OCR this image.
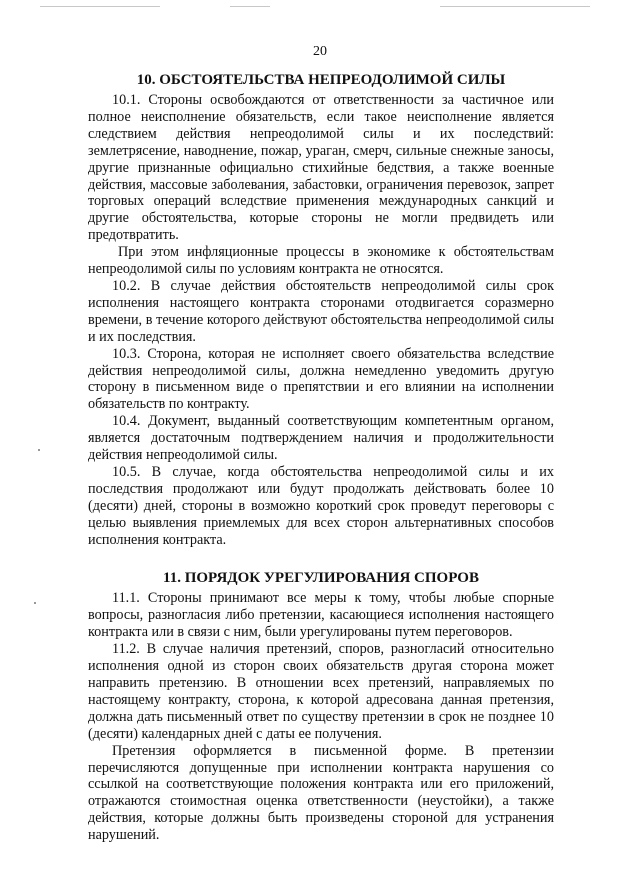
20
10. ОБСТОЯТЕЛЬСТВА НЕПРЕОДОЛИМОЙ СИЛЫ

10.1. Стороны освобождаются от ответственности за частичное или полное неисполнение обязательств, если такое неисполнение является следствием действия непреодолимой силы и их последствий: землетрясение, наводнение, пожар, ураган, смерч, сильные снежные заносы, другие признанные официально стихийные бедствия, а также военные действия, массовые заболевания, забастовки, ограничения перевозок, запрет торговых операций вследствие применения международных санкций и другие обстоятельства, которые стороны не могли предвидеть или предотвратить.

При этом инфляционные процессы в экономике к обстоятельствам непреодолимой силы по условиям контракта не относятся.

10.2. В случае действия обстоятельств непреодолимой силы срок исполнения настоящего контракта сторонами отодвигается соразмерно времени, в течение которого действуют обстоятельства непреодолимой силы и их последствия.

10.3. Сторона, которая не исполняет своего обязательства вследствие действия непреодолимой силы, должна немедленно уведомить другую сторону в письменном виде о препятствии и его влиянии на исполнении обязательств по контракту.

10.4. Документ, выданный соответствующим компетентным органом, является достаточным подтверждением наличия и продолжительности действия непреодолимой силы.

10.5. В случае, когда обстоятельства непреодолимой силы и их последствия продолжают или будут продолжать действовать более 10 (десяти) дней, стороны в возможно короткий срок проведут переговоры с целью выявления приемлемых для всех сторон альтернативных способов исполнения контракта.

11. ПОРЯДОК УРЕГУЛИРОВАНИЯ СПОРОВ

11.1. Стороны принимают все меры к тому, чтобы любые спорные вопросы, разногласия либо претензии, касающиеся исполнения настоящего контракта или в связи с ним, были урегулированы путем переговоров.

11.2. В случае наличия претензий, споров, разногласий относительно исполнения одной из сторон своих обязательств другая сторона может направить претензию. В отношении всех претензий, направляемых по настоящему контракту, сторона, к которой адресована данная претензия, должна дать письменный ответ по существу претензии в срок не позднее 10 (десяти) календарных дней с даты ее получения.

Претензия оформляется в письменной форме. В претензии перечисляются допущенные при исполнении контракта нарушения со ссылкой на соответствующие положения контракта или его приложений, отражаются стоимостная оценка ответственности (неустойки), а также действия, которые должны быть произведены стороной для устранения нарушений.
